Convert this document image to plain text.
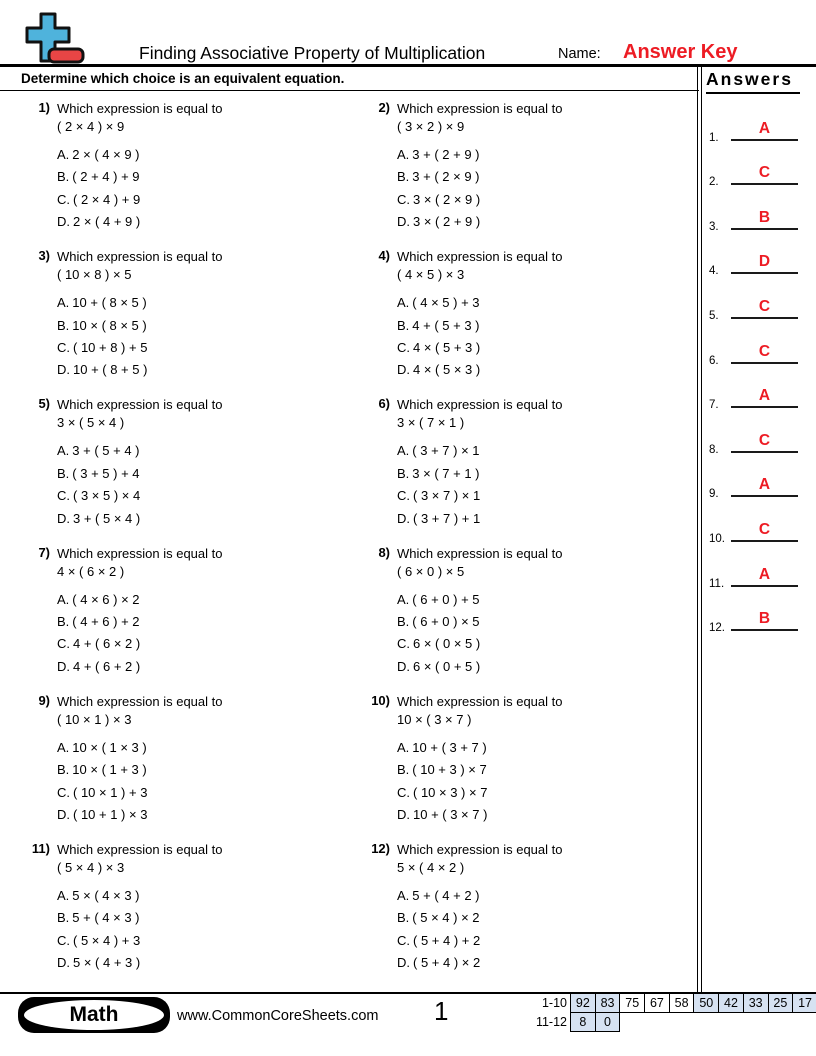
Finding Associative Property of Multiplication	Name: Answer Key
Determine which choice is an equivalent equation.
1) Which expression is equal to
( 2 × 4 ) × 9
A. 2 × ( 4 × 9 )
B. ( 2 + 4 ) + 9
C. ( 2 × 4 ) + 9
D. 2 × ( 4 + 9 )
2) Which expression is equal to
( 3 × 2 ) × 9
A. 3 + ( 2 + 9 )
B. 3 + ( 2 × 9 )
C. 3 × ( 2 × 9 )
D. 3 × ( 2 + 9 )
3) Which expression is equal to
( 10 × 8 ) × 5
A. 10 + ( 8 × 5 )
B. 10 × ( 8 × 5 )
C. ( 10 + 8 ) + 5
D. 10 + ( 8 + 5 )
4) Which expression is equal to
( 4 × 5 ) × 3
A. ( 4 × 5 ) + 3
B. 4 + ( 5 + 3 )
C. 4 × ( 5 + 3 )
D. 4 × ( 5 × 3 )
5) Which expression is equal to
3 × ( 5 × 4 )
A. 3 + ( 5 + 4 )
B. ( 3 + 5 ) + 4
C. ( 3 × 5 ) × 4
D. 3 + ( 5 × 4 )
6) Which expression is equal to
3 × ( 7 × 1 )
A. ( 3 + 7 ) × 1
B. 3 × ( 7 + 1 )
C. ( 3 × 7 ) × 1
D. ( 3 + 7 ) + 1
7) Which expression is equal to
4 × ( 6 × 2 )
A. ( 4 × 6 ) × 2
B. ( 4 + 6 ) + 2
C. 4 + ( 6 × 2 )
D. 4 + ( 6 + 2 )
8) Which expression is equal to
( 6 × 0 ) × 5
A. ( 6 + 0 ) + 5
B. ( 6 + 0 ) × 5
C. 6 × ( 0 × 5 )
D. 6 × ( 0 + 5 )
9) Which expression is equal to
( 10 × 1 ) × 3
A. 10 × ( 1 × 3 )
B. 10 × ( 1 + 3 )
C. ( 10 × 1 ) + 3
D. ( 10 + 1 ) × 3
10) Which expression is equal to
10 × ( 3 × 7 )
A. 10 + ( 3 + 7 )
B. ( 10 + 3 ) × 7
C. ( 10 × 3 ) × 7
D. 10 + ( 3 × 7 )
11) Which expression is equal to
( 5 × 4 ) × 3
A. 5 × ( 4 × 3 )
B. 5 + ( 4 × 3 )
C. ( 5 × 4 ) + 3
D. 5 × ( 4 + 3 )
12) Which expression is equal to
5 × ( 4 × 2 )
A. 5 + ( 4 + 2 )
B. ( 5 × 4 ) × 2
C. ( 5 + 4 ) + 2
D. ( 5 + 4 ) × 2
Answers
1.
A
2.
C
3.
B
4.
D
5.
C
6.
C
7.
A
8.
C
9.
A
10.
C
11.
A
12.
B
Math	www.CommonCoreSheets.com 1	1-10 92 83 75 67 58 50 42 33 25 17
11-12 8	0
